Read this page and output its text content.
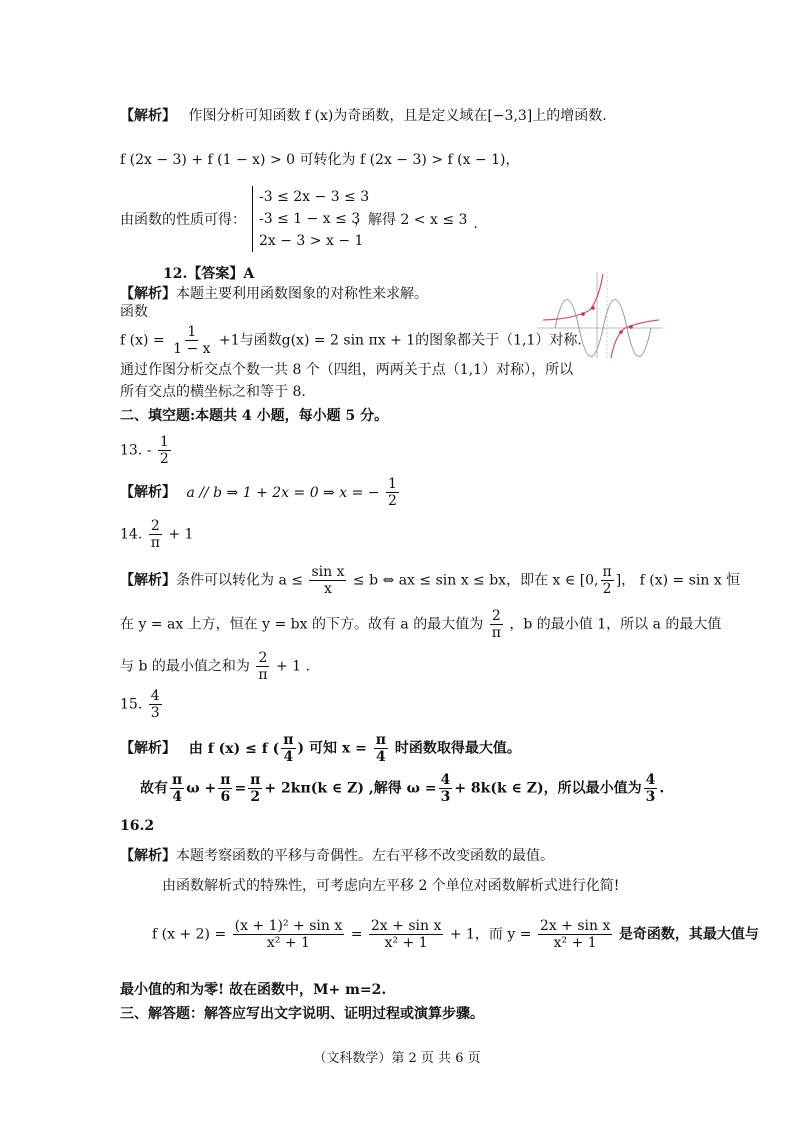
【解析】 作图分析可知函数 f (x)为奇函数，且是定义域在[−3,3]上的增函数.
f (2x − 3) + f (1 − x) > 0 可转化为 f (2x − 3) > f (x − 1)，
由函数的性质可得：
-3 ≤ 2x − 3 ≤ 3
-3 ≤ 1 − x ≤ 3
2x − 3 > x − 1
，解得 2 < x ≤ 3 .
12.【答案】A
【解析】本题主要利用函数图象的对称性来求解。
函数
f $(x) = \frac{1}{1 - x} +1$与函数g(x) = 2 sin πx + 1的图象都关于（1,1）对称.
通过作图分析交点个数一共 8 个（四组，两两关于点（1,1）对称），所以
所有交点的横坐标之和等于 8.
二、填空题:本题共 4 小题，每小题 5 分。
13. - $\frac{1}{2}$
【解析】 a // b ⇒ 1 + 2x = 0 ⇒ x = − $\frac{1}{2}$
14. $\frac{2}{\pi} + 1$
【解析】条件可以转化为 $a \le \frac{\text{sin x}}{x} \le b$ ⇔ ax ≤ sin x ≤ bx，即在 x ∈ [0, $\frac{\pi}{2}$ ]， f (x) = sin x 恒
在 y = ax 上方，恒在 y = bx 的下方。故有 a 的最大值为 $\frac{2}{\pi}$ ，b 的最小值 1，所以 a 的最大值
与 b 的最小值之和为 $\frac{2}{\pi} + 1$ .
15. $\frac{4}{3}$
【解析】 由 f (x) ≤ f ( $\frac{\pi}{4}$ ) 可知 $x = \frac{\pi}{4}$ 时函数取得最大值。
故有 $\frac{\pi}{4}$ $\omega + \frac{\pi}{6} = \frac{\pi}{2} + 2k\pi(k$ ∈ Z) ,解得 $\omega = \frac{4}{3} + 8k(k$ ∈ Z)，所以最小值为 $\frac{4}{3}$ .
16.2
【解析】本题考察函数的平移与奇偶性。左右平移不改变函数的最值。
由函数解析式的特殊性，可考虑向左平移 2 个单位对函数解析式进行化简!
f $(x + 2) = \frac{\text{(x + 1)² + sin x}}{\text{x² + 1}} = \frac{\text{2x + sin x}}{\text{x² + 1}} + 1$，而 $y = \frac{\text{2x + sin x}}{\text{x² + 1}}$ 是奇函数，其最大值与
最小值的和为零! 故在函数中，M+ m=2.
三、解答题：解答应写出文字说明、证明过程或演算步骤。
（文科数学）第 2 页 共 6 页
